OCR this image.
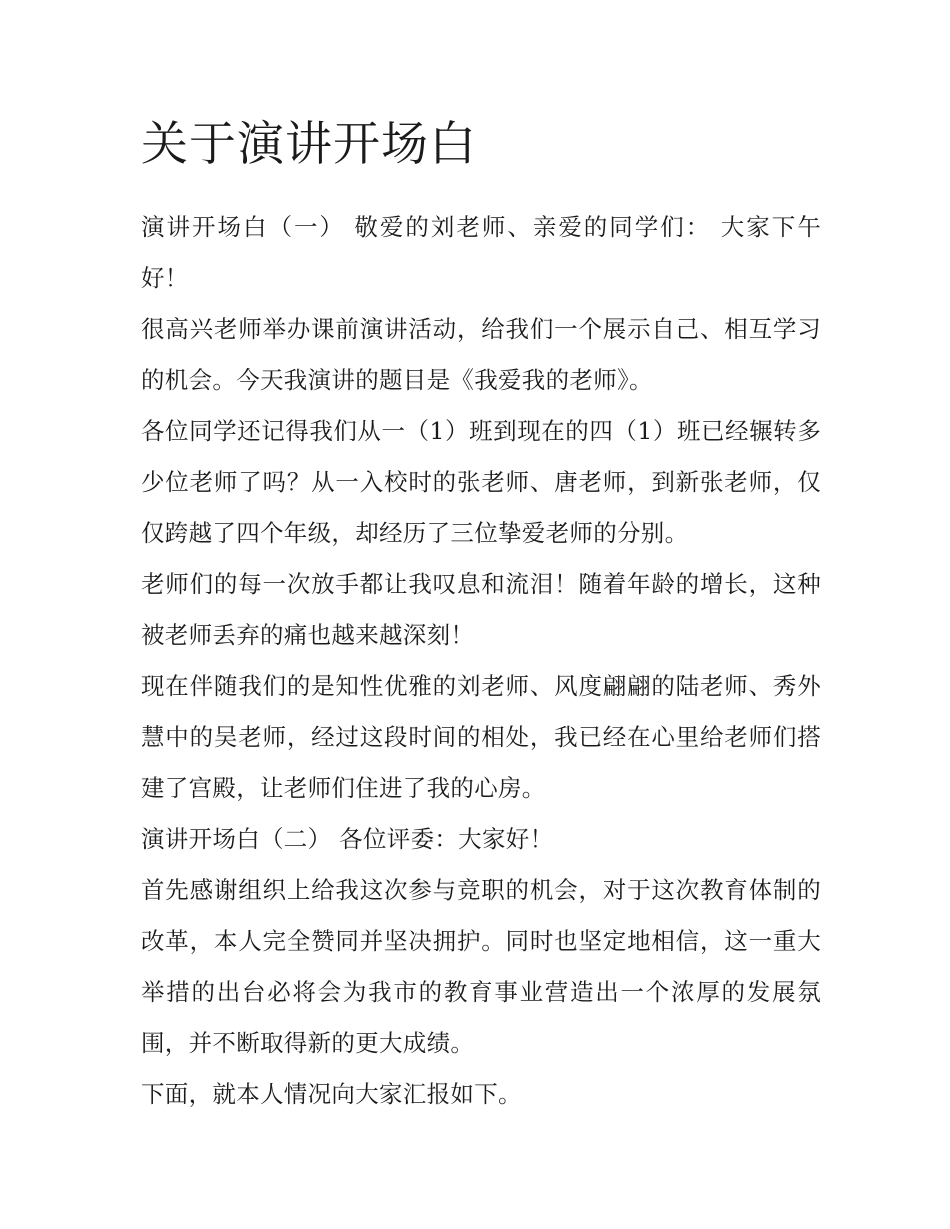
关于演讲开场白

演讲开场白（一） 敬爱的刘老师、亲爱的同学们： 大家下午好！

很高兴老师举办课前演讲活动，给我们一个展示自己、相互学习的机会。今天我演讲的题目是《我爱我的老师》。

各位同学还记得我们从一（1）班到现在的四（1）班已经辗转多少位老师了吗？从一入校时的张老师、唐老师，到新张老师，仅仅跨越了四个年级，却经历了三位挚爱老师的分别。

老师们的每一次放手都让我叹息和流泪！随着年龄的增长，这种被老师丢弃的痛也越来越深刻！

现在伴随我们的是知性优雅的刘老师、风度翩翩的陆老师、秀外慧中的吴老师，经过这段时间的相处，我已经在心里给老师们搭建了宫殿，让老师们住进了我的心房。

演讲开场白（二） 各位评委：大家好！

首先感谢组织上给我这次参与竞职的机会，对于这次教育体制的改革，本人完全赞同并坚决拥护。同时也坚定地相信，这一重大举措的出台必将会为我市的教育事业营造出一个浓厚的发展氛围，并不断取得新的更大成绩。

下面，就本人情况向大家汇报如下。
